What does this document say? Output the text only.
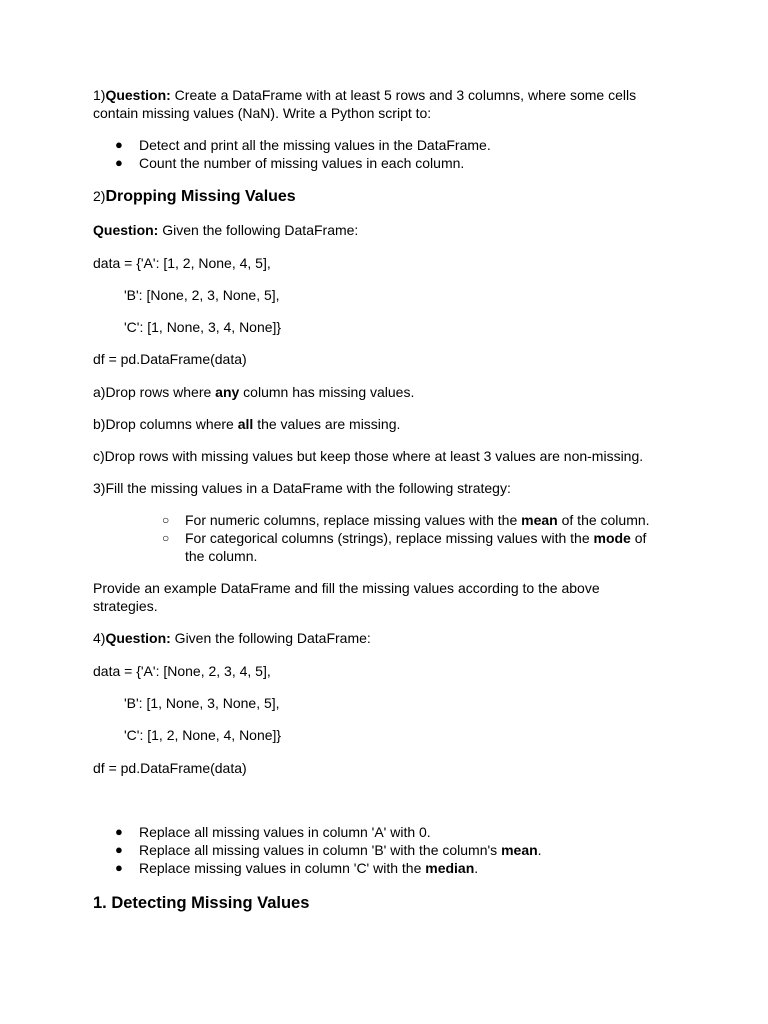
1)Question: Create a DataFrame with at least 5 rows and 3 columns, where some cells
contain missing values (NaN). Write a Python script to:
● Detect and print all the missing values in the DataFrame.
● Count the number of missing values in each column.
2)Dropping Missing Values
Question: Given the following DataFrame:
data = {'A': [1, 2, None, 4, 5],
'B': [None, 2, 3, None, 5],
'C': [1, None, 3, 4, None]}
df = pd.DataFrame(data)
a)Drop rows where any column has missing values.
b)Drop columns where all the values are missing.
c)Drop rows with missing values but keep those where at least 3 values are non-missing.
3)Fill the missing values in a DataFrame with the following strategy:
○ For numeric columns, replace missing values with the mean of the column.
○ For categorical columns (strings), replace missing values with the mode of the column.
Provide an example DataFrame and fill the missing values according to the above
strategies.
4)Question: Given the following DataFrame:
data = {'A': [None, 2, 3, 4, 5],
'B': [1, None, 3, None, 5],
'C': [1, 2, None, 4, None]}
df = pd.DataFrame(data)
● Replace all missing values in column 'A' with 0.
● Replace all missing values in column 'B' with the column's mean.
● Replace missing values in column 'C' with the median.
1. Detecting Missing Values
